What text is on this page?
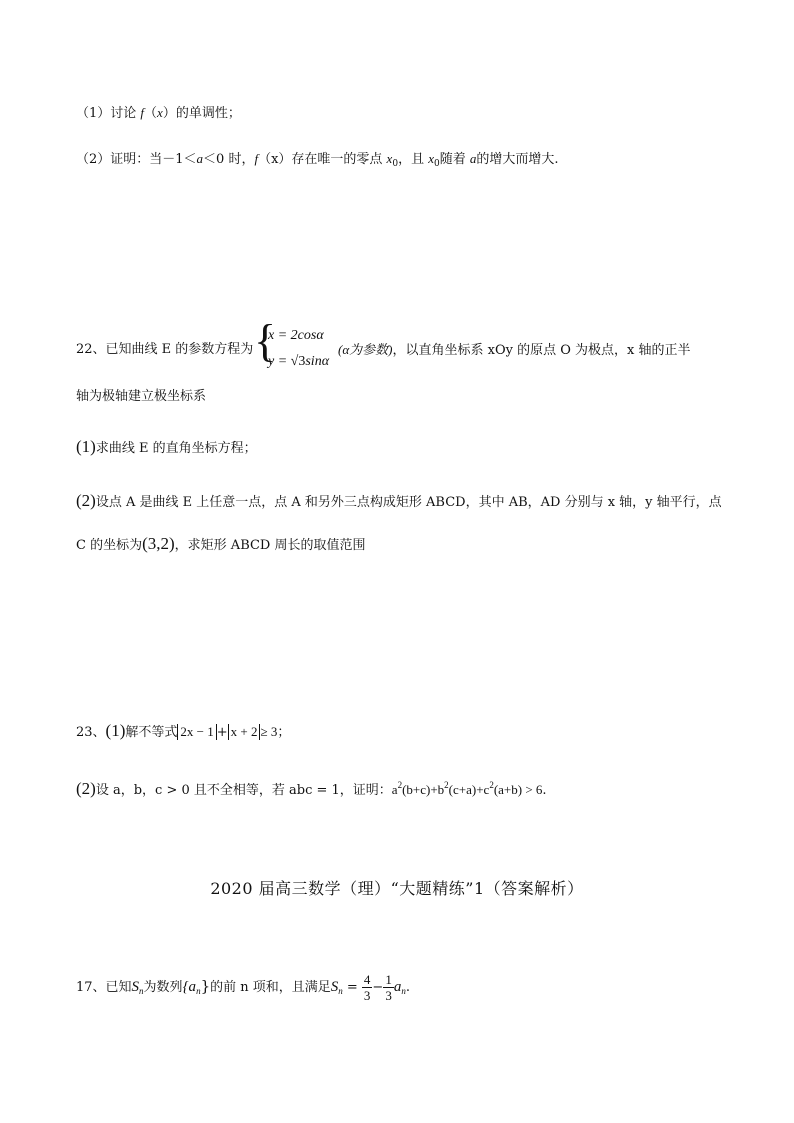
（1）讨论 f（x）的单调性；
（2）证明：当－1＜a＜0 时，f（x）存在唯一的零点 $x_0$，且 $x_0$随着 a的增大而增大.
22、已知曲线 E 的参数方程为 {
x = 2cosα
y = √3sinα
(α为参数)，以直角坐标系 xOy 的原点 O 为极点，x 轴的正半
轴为极轴建立极坐标系
(1)求曲线 E 的直角坐标方程；
(2)设点 A 是曲线 E 上任意一点，点 A 和另外三点构成矩形 ABCD，其中 AB，AD 分别与 x 轴，y 轴平行，点
C 的坐标为(3,2)，求矩形 ABCD 周长的取值范围
23、(1)解不等式 2x − 1 + x + 2 ≥ 3；
(2)设 a，b，c > 0 且不全相等，若 abc = 1，证明：$a^2(b+c)+b^2(c+a)+c^2(a+b) > 6$.
2020 届高三数学（理）“大题精练”1（答案解析）
17、已知$S_n$为数列$\{a_n\}$的前 n 项和，且满足$S_n = \frac{4}{3} - \frac{1}{3} a_n$.
